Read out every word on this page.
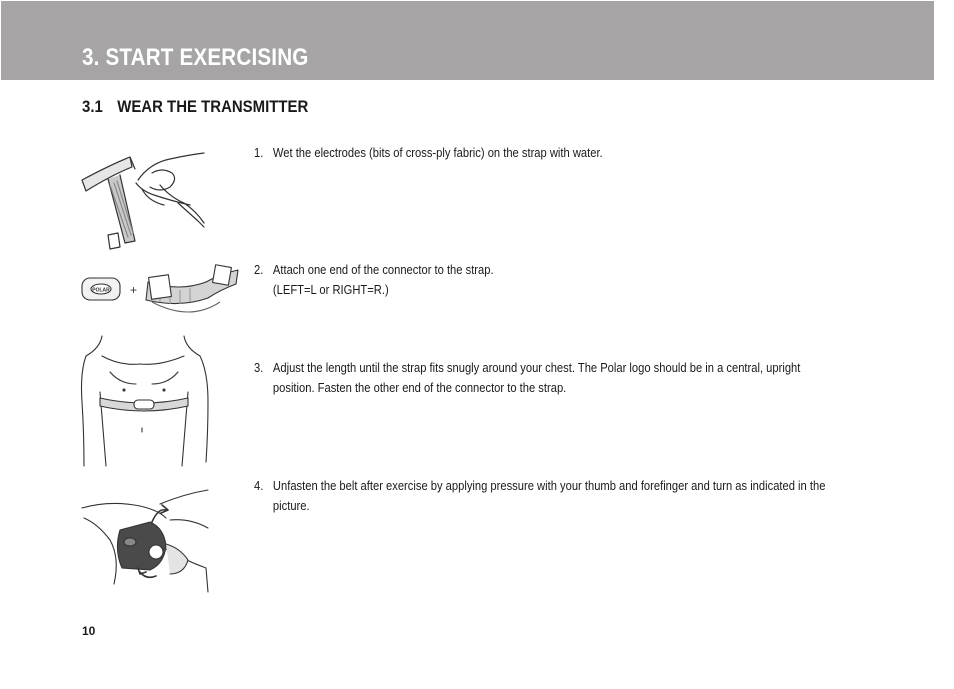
3. START EXERCISING
3.1 WEAR THE TRANSMITTER
+
POLAR
1. Wet the electrodes (bits of cross-ply fabric) on the strap with water.
2. Attach one end of the connector to the strap.
(LEFT=L or RIGHT=R.)
3. Adjust the length until the strap fits snugly around your chest. The Polar logo should be in a central, upright position. Fasten the other end of the connector to the strap.
4. Unfasten the belt after exercise by applying pressure with your thumb and forefinger and turn as indicated in the picture.
10
